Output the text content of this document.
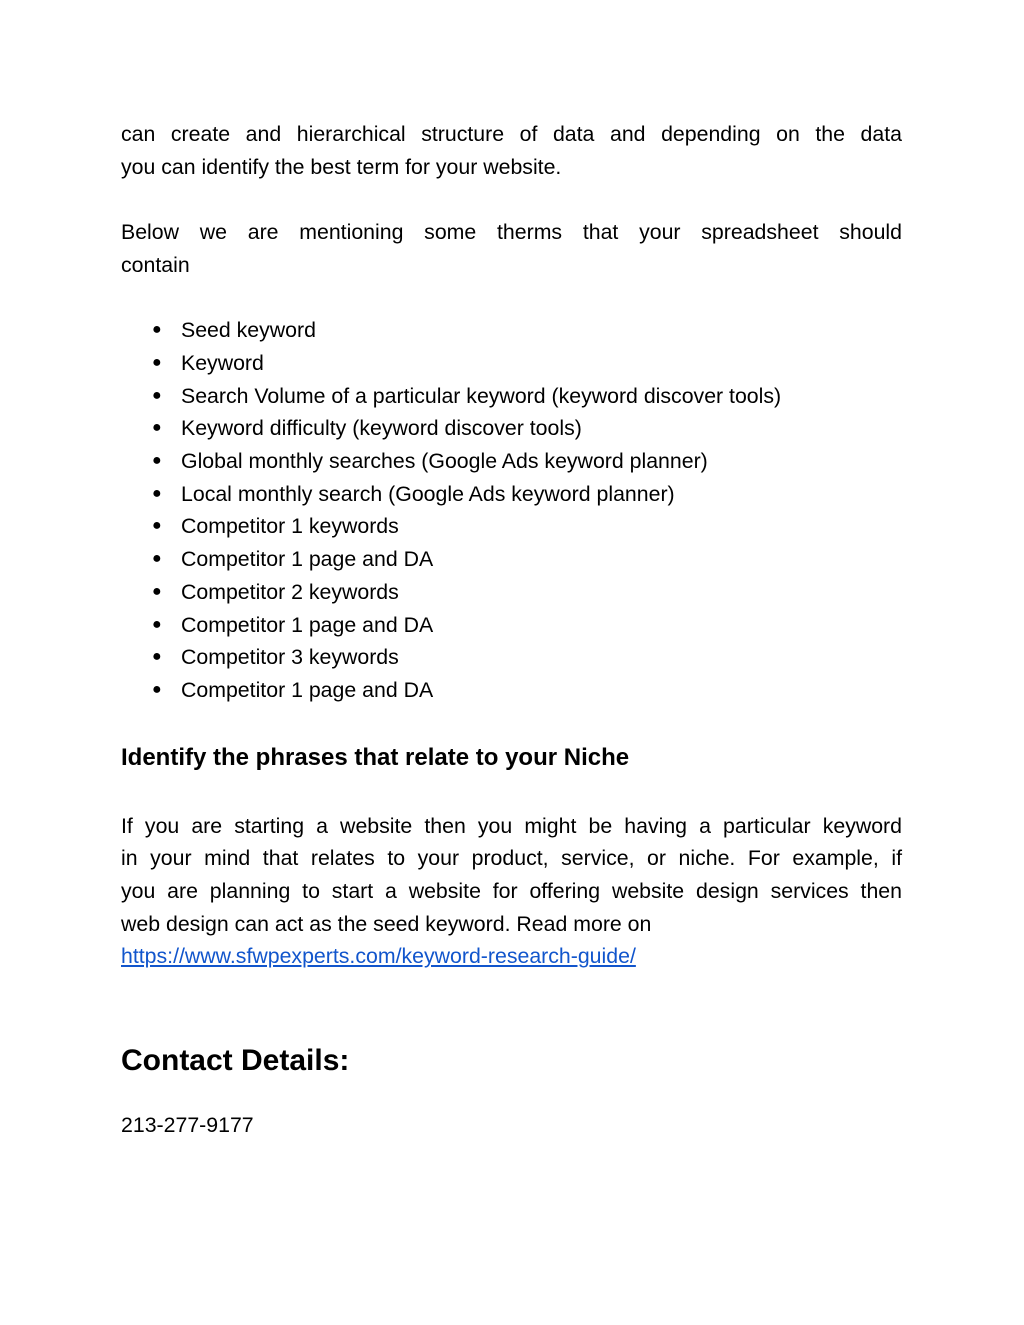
can create and hierarchical structure of data and depending on the data

you can identify the best term for your website.

Below we are mentioning some therms that your spreadsheet should

contain

● Seed keyword
● Keyword
● Search Volume of a particular keyword (keyword discover tools)
● Keyword difficulty (keyword discover tools)
● Global monthly searches (Google Ads keyword planner)
● Local monthly search (Google Ads keyword planner)
● Competitor 1 keywords
● Competitor 1 page and DA
● Competitor 2 keywords
● Competitor 1 page and DA
● Competitor 3 keywords
● Competitor 1 page and DA
Identify the phrases that relate to your Niche

If you are starting a website then you might be having a particular keyword

in your mind that relates to your product, service, or niche. For example, if

you are planning to start a website for offering website design services then

web design can act as the seed keyword. Read more on

https://www.sfwpexperts.com/keyword-research-guide/

Contact Details:

213-277-9177
